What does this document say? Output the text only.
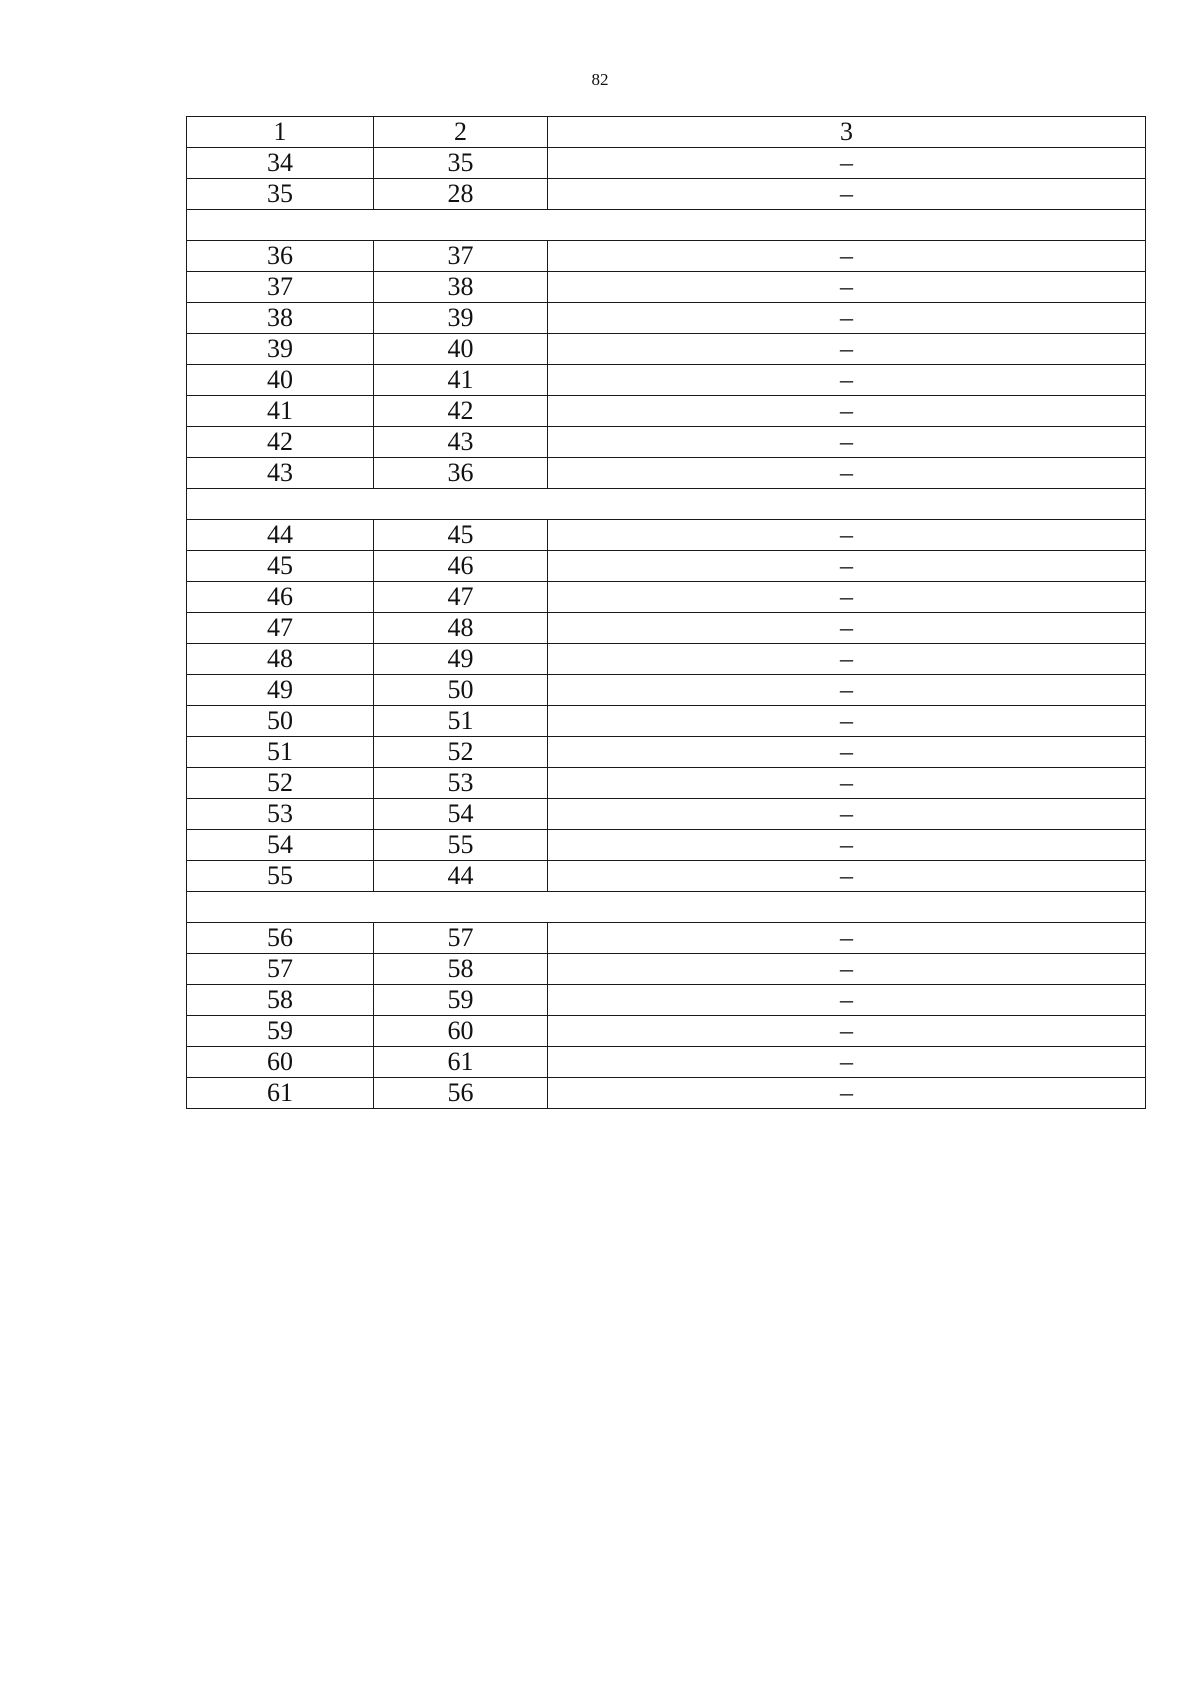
82
1	2	3
34	35	–
35	28	–

36	37	–
37	38	–
38	39	–
39	40	–
40	41	–
41	42	–
42	43	–
43	36	–

44	45	–
45	46	–
46	47	–
47	48	–
48	49	–
49	50	–
50	51	–
51	52	–
52	53	–
53	54	–
54	55	–
55	44	–

56	57	–
57	58	–
58	59	–
59	60	–
60	61	–
61	56	–
